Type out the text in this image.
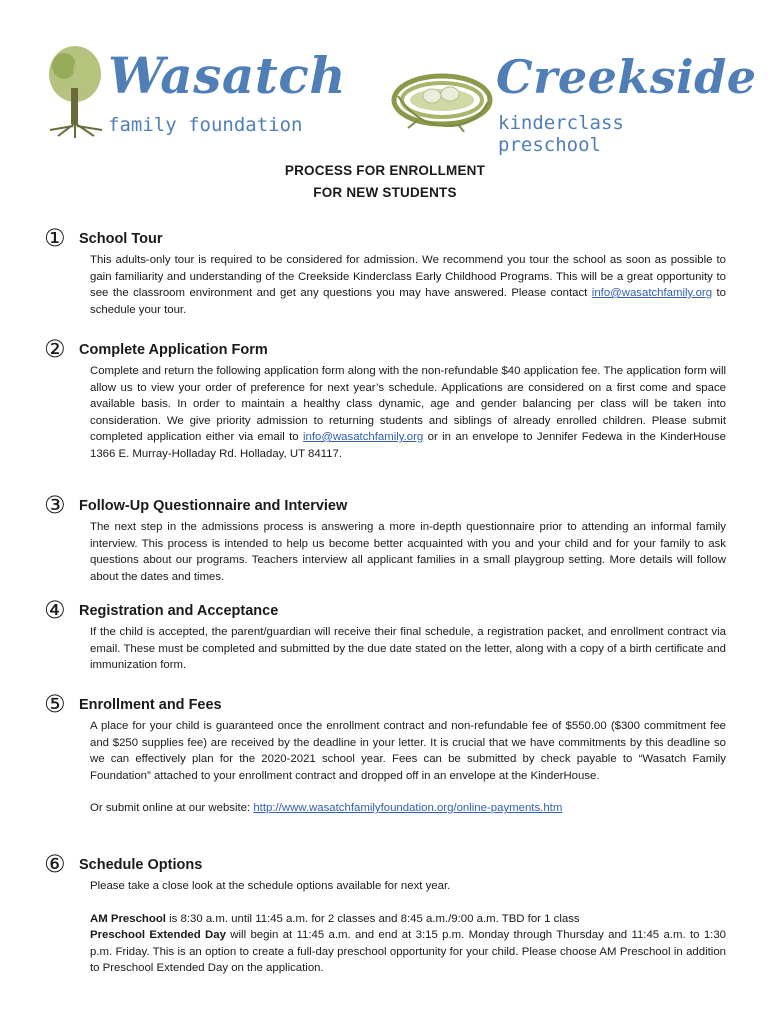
Wasatch
family foundation
Creekside
kinderclass preschool
PROCESS FOR ENROLLMENT
FOR NEW STUDENTS
① School Tour
This adults-only tour is required to be considered for admission. We recommend you tour the school as soon as possible to gain familiarity and understanding of the Creekside Kinderclass Early Childhood Programs. This will be a great opportunity to see the classroom environment and get any questions you may have answered. Please contact info@wasatchfamily.org to schedule your tour.
② Complete Application Form
Complete and return the following application form along with the non-refundable $40 application fee. The application form will allow us to view your order of preference for next year’s schedule. Applications are considered on a first come and space available basis. In order to maintain a healthy class dynamic, age and gender balancing per class will be taken into consideration. We give priority admission to returning students and siblings of already enrolled children. Please submit completed application either via email to info@wasatchfamily.org or in an envelope to Jennifer Fedewa in the KinderHouse 1366 E. Murray-Holladay Rd. Holladay, UT 84117.
③ Follow-Up Questionnaire and Interview
The next step in the admissions process is answering a more in-depth questionnaire prior to attending an informal family interview. This process is intended to help us become better acquainted with you and your child and for your family to ask questions about our programs. Teachers interview all applicant families in a small playgroup setting. More details will follow about the dates and times.
④ Registration and Acceptance
If the child is accepted, the parent/guardian will receive their final schedule, a registration packet, and enrollment contract via email. These must be completed and submitted by the due date stated on the letter, along with a copy of a birth certificate and immunization form.
⑤ Enrollment and Fees

A place for your child is guaranteed once the enrollment contract and non-refundable fee of $550.00 ($300 commitment fee and $250 supplies fee) are received by the deadline in your letter. It is crucial that we have commitments by this deadline so we can effectively plan for the 2020-2021 school year. Fees can be submitted by check payable to “Wasatch Family Foundation” attached to your enrollment contract and dropped off in an envelope at the KinderHouse.

Or submit online at our website: http://www.wasatchfamilyfoundation.org/online-payments.htm

⑥ Schedule Options

Please take a close look at the schedule options available for next year.

AM Preschool is 8:30 a.m. until 11:45 a.m. for 2 classes and 8:45 a.m./9:00 a.m. TBD for 1 class
Preschool Extended Day will begin at 11:45 a.m. and end at 3:15 p.m. Monday through Thursday and 11:45 a.m. to 1:30 p.m. Friday. This is an option to create a full-day preschool opportunity for your child. Please choose AM Preschool in addition to Preschool Extended Day on the application.
